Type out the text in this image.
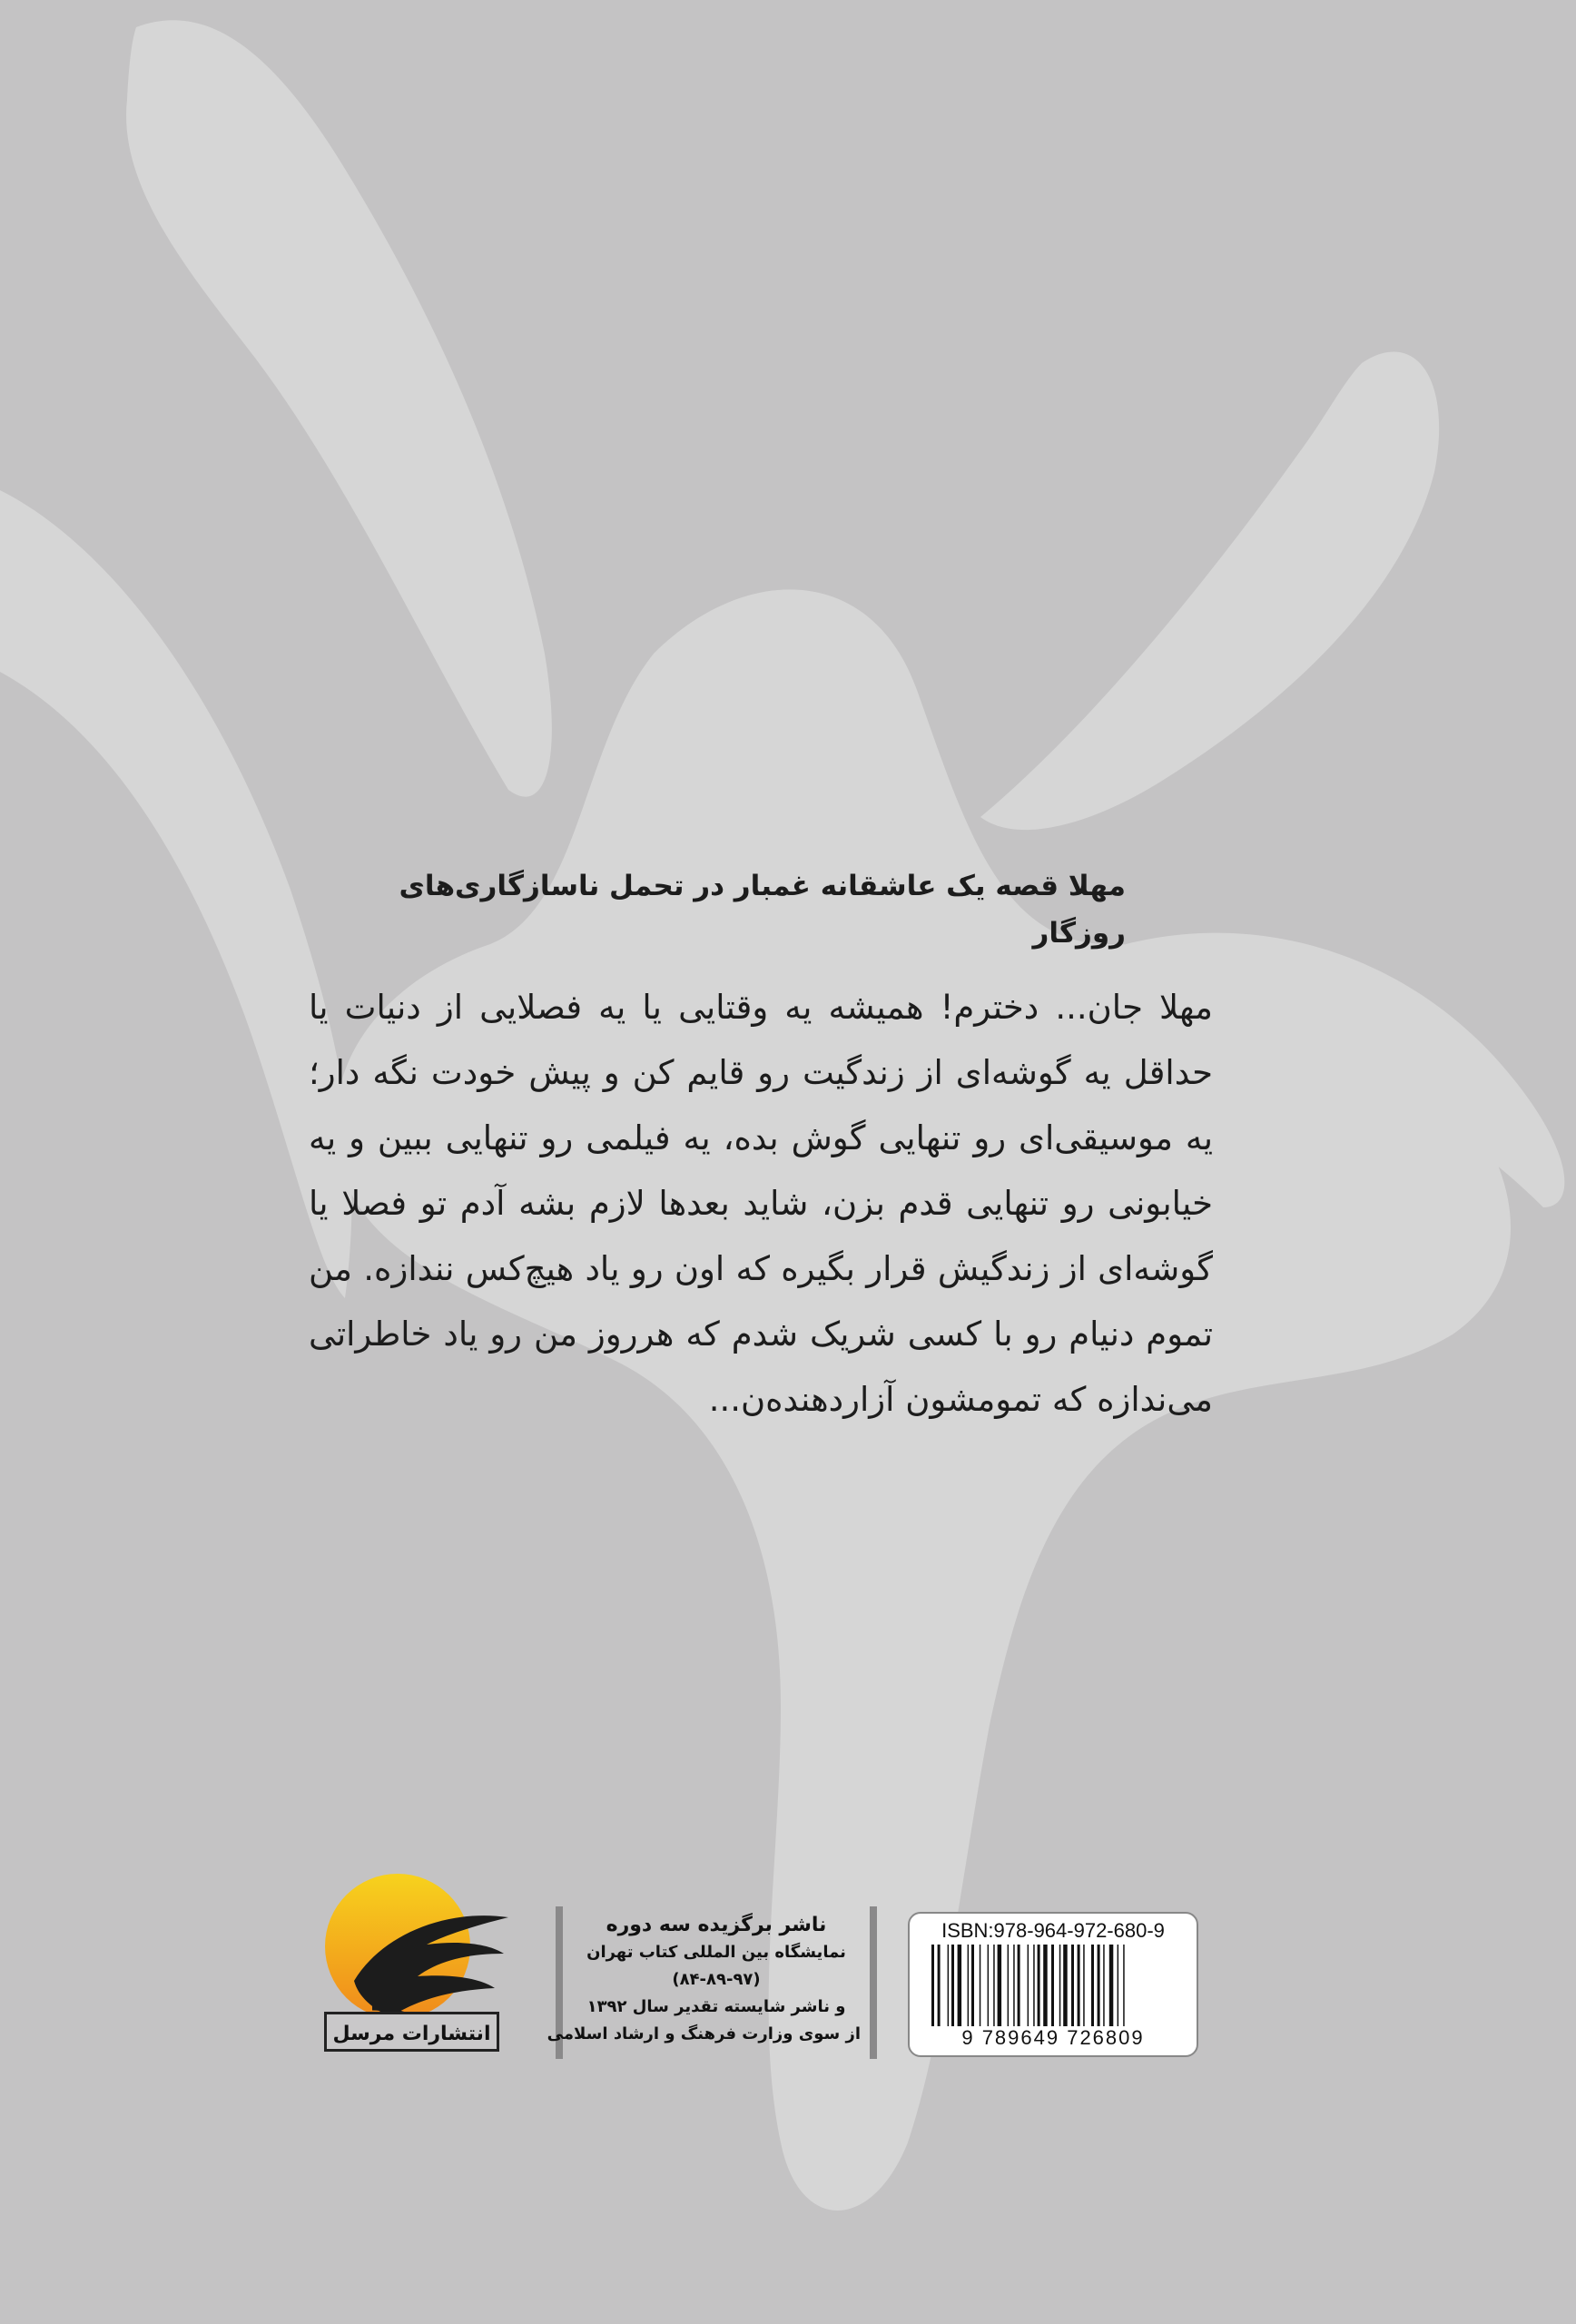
مهلا قصه یک عاشقانه غمبار در تحمل ناسازگاری‌های روزگار

مهلا جان... دخترم! همیشه یه وقتایی یا یه فصلایی از دنیات یا حداقل یه گوشه‌ای از زندگیت رو قایم کن و پیش خودت نگه دار؛ یه موسیقی‌ای رو تنهایی گوش بده، یه فیلمی رو تنهایی ببین و یه خیابونی رو تنهایی قدم بزن، شاید بعدها لازم بشه آدم تو فصلا یا گوشه‌ای از زندگیش قرار بگیره که اون رو یاد هیچ‌کس نندازه. من تموم دنیام رو با کسی شریک شدم که هرروز من رو یاد خاطراتی می‌ندازه که تمومشون آزاردهنده‌ن...

انتشارات مرسل
ناشر برگزیده سه دوره
نمایشگاه بین المللی کتاب تهران
(۸۴-۸۹-۹۷)
و ناشر شایسته تقدیر سال ۱۳۹۲
از سوی وزارت فرهنگ و ارشاد اسلامی
ISBN:978-964-972-680-9
9 789649 726809
